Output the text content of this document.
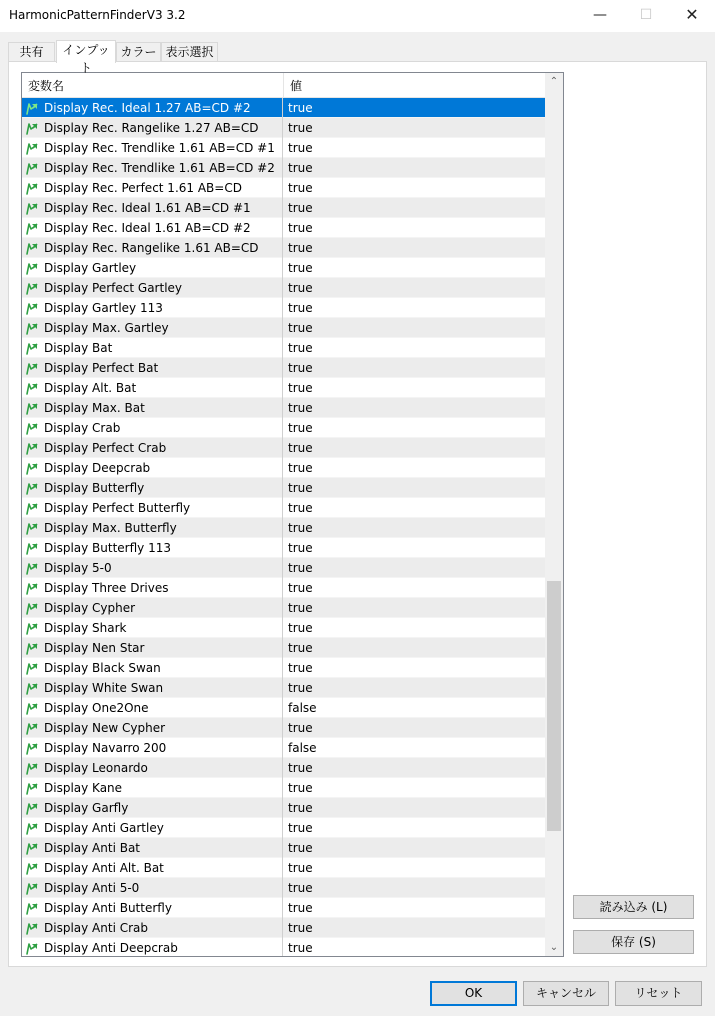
HarmonicPatternFinderV3 3.2	—	☐	✕
共有	インプット
カラー 表示選択
変数名	値
Display Rec. Ideal 1.27 AB=CD #2	true
Display Rec. Rangelike 1.27 AB=CD	true
Display Rec. Trendlike 1.61 AB=CD #1	true
Display Rec. Trendlike 1.61 AB=CD #2	true
Display Rec. Perfect 1.61 AB=CD	true
Display Rec. Ideal 1.61 AB=CD #1	true
Display Rec. Ideal 1.61 AB=CD #2	true
Display Rec. Rangelike 1.61 AB=CD	true
Display Gartley	true
Display Perfect Gartley	true
Display Gartley 113	true
Display Max. Gartley	true
Display Bat	true
Display Perfect Bat	true
Display Alt. Bat	true
Display Max. Bat	true
Display Crab	true
Display Perfect Crab	true
Display Deepcrab	true
Display Butterfly	true
Display Perfect Butterfly	true
Display Max. Butterfly	true
Display Butterfly 113	true
Display 5-0	true
Display Three Drives	true
Display Cypher	true
Display Shark	true
Display Nen Star	true
Display Black Swan	true
Display White Swan	true
Display One2One	false
Display New Cypher	true
Display Navarro 200	false
Display Leonardo	true
Display Kane	true
Display Garfly	true
Display Anti Gartley	true
Display Anti Bat	true
Display Anti Alt. Bat	true
Display Anti 5-0	true
Display Anti Butterfly	true
Display Anti Crab	true
Display Anti Deepcrab	true
⌃
⌄
読み込み (L)
保存 (S)
OK	キャンセル	リセット
